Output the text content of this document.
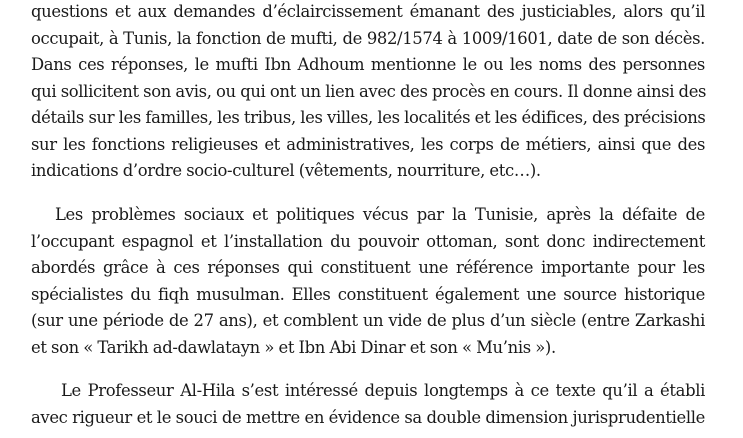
questions et aux demandes d’éclaircissement émanant des justiciables, alors qu’il
occupait, à Tunis, la fonction de mufti, de 982/1574 à 1009/1601, date de son décès.
Dans ces réponses, le mufti Ibn Adhoum mentionne le ou les noms des personnes
qui sollicitent son avis, ou qui ont un lien avec des procès en cours. Il donne ainsi des
détails sur les familles, les tribus, les villes, les localités et les édifices, des précisions
sur les fonctions religieuses et administratives, les corps de métiers, ainsi que des
indications d’ordre socio-culturel (vêtements, nourriture, etc…).

Les problèmes sociaux et politiques vécus par la Tunisie, après la défaite de
l’occupant espagnol et l’installation du pouvoir ottoman, sont donc indirectement
abordés grâce à ces réponses qui constituent une référence importante pour les
spécialistes du fiqh musulman. Elles constituent également une source historique
(sur une période de 27 ans), et comblent un vide de plus d’un siècle (entre Zarkashi
et son « Tarikh ad-dawlatayn » et Ibn Abi Dinar et son « Mu’nis »).

Le Professeur Al-Hila s’est intéressé depuis longtemps à ce texte qu’il a établi
avec rigueur et le souci de mettre en évidence sa double dimension jurisprudentielle
